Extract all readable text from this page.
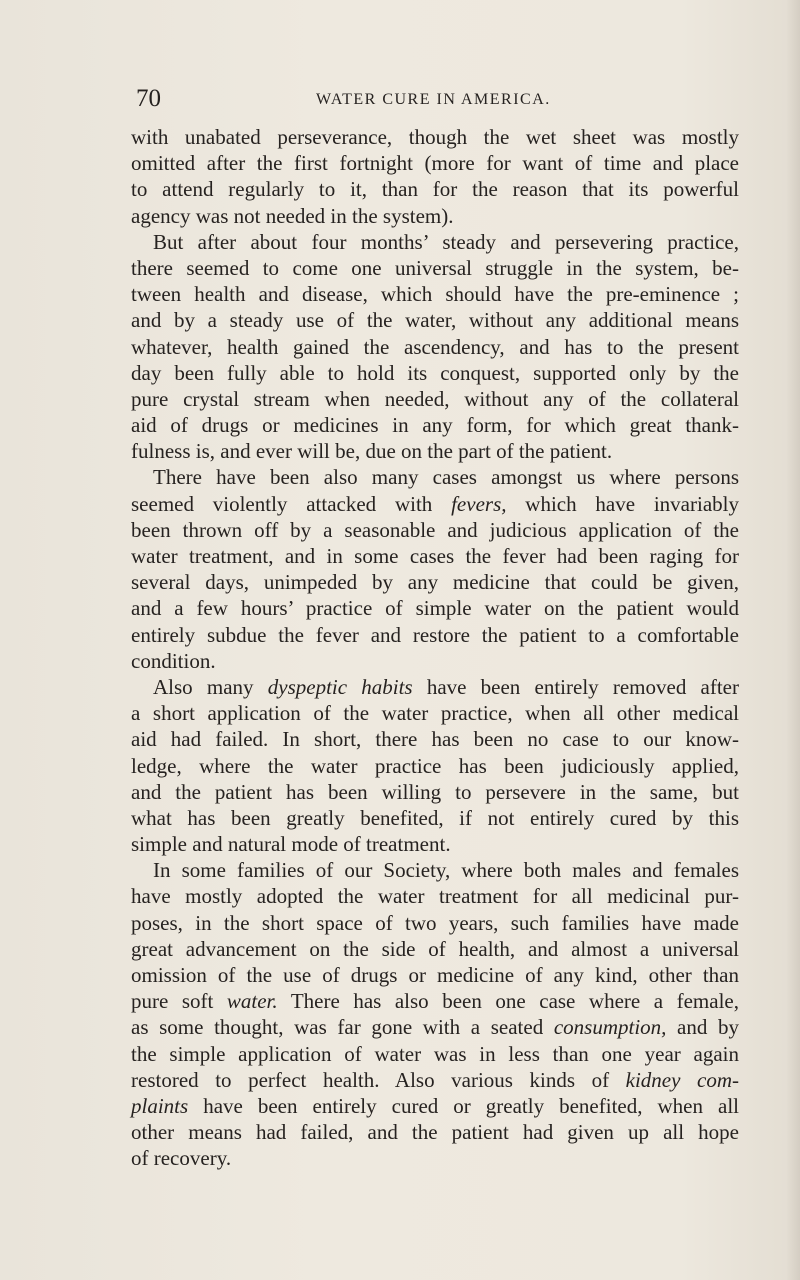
70	WATER CURE IN AMERICA.
with unabated perseverance, though the wet sheet was mostly
omitted after the first fortnight (more for want of time and place
to attend regularly to it, than for the reason that its powerful
agency was not needed in the system).
But after about four months’ steady and persevering practice,
there seemed to come one universal struggle in the system, be-
tween health and disease, which should have the pre-eminence ;
and by a steady use of the water, without any additional means
whatever, health gained the ascendency, and has to the present
day been fully able to hold its conquest, supported only by the
pure crystal stream when needed, without any of the collateral
aid of drugs or medicines in any form, for which great thank-
fulness is, and ever will be, due on the part of the patient.
There have been also many cases amongst us where persons
seemed violently attacked with fevers, which have invariably
been thrown off by a seasonable and judicious application of the
water treatment, and in some cases the fever had been raging for
several days, unimpeded by any medicine that could be given,
and a few hours’ practice of simple water on the patient would
entirely subdue the fever and restore the patient to a comfortable
condition.
Also many dyspeptic habits have been entirely removed after
a short application of the water practice, when all other medical
aid had failed. In short, there has been no case to our know-
ledge, where the water practice has been judiciously applied,
and the patient has been willing to persevere in the same, but
what has been greatly benefited, if not entirely cured by this
simple and natural mode of treatment.
In some families of our Society, where both males and females
have mostly adopted the water treatment for all medicinal pur-
poses, in the short space of two years, such families have made
great advancement on the side of health, and almost a universal
omission of the use of drugs or medicine of any kind, other than
pure soft water. There has also been one case where a female,
as some thought, was far gone with a seated consumption, and by
the simple application of water was in less than one year again
restored to perfect health. Also various kinds of kidney com-
plaints have been entirely cured or greatly benefited, when all
other means had failed, and the patient had given up all hope
of recovery.
